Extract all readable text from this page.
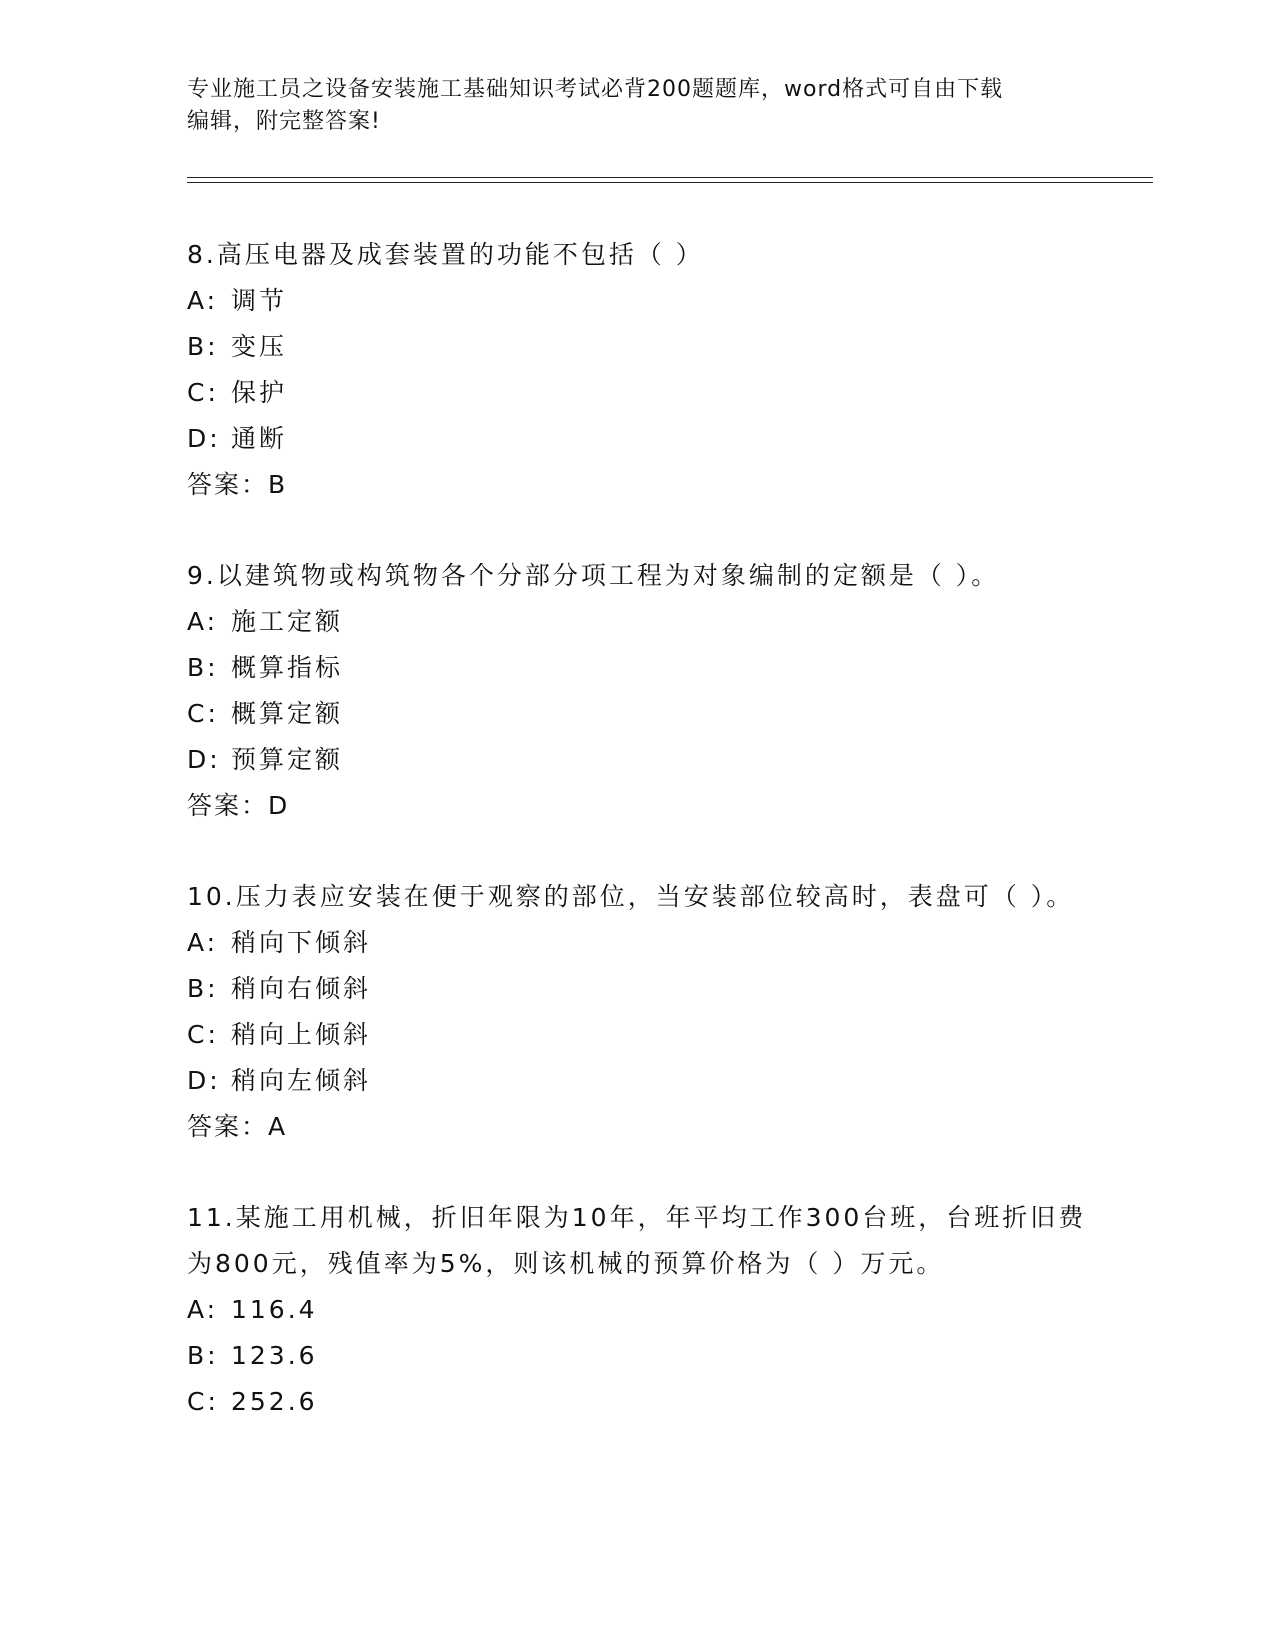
专业施工员之设备安装施工基础知识考试必背200题题库，word格式可自由下载
编辑，附完整答案!
8.高压电器及成套装置的功能不包括（ ）
A: 调节
B: 变压
C: 保护
D: 通断
答案：B
9.以建筑物或构筑物各个分部分项工程为对象编制的定额是（ ）。
A: 施工定额
B: 概算指标
C: 概算定额
D: 预算定额
答案：D
10.压力表应安装在便于观察的部位，当安装部位较高时，表盘可（ ）。
A: 稍向下倾斜
B: 稍向右倾斜
C: 稍向上倾斜
D: 稍向左倾斜
答案：A
11.某施工用机械，折旧年限为10年，年平均工作300台班，台班折旧费为800元，残值率为5%，则该机械的预算价格为（ ）万元。
A: 116.4
B: 123.6
C: 252.6
